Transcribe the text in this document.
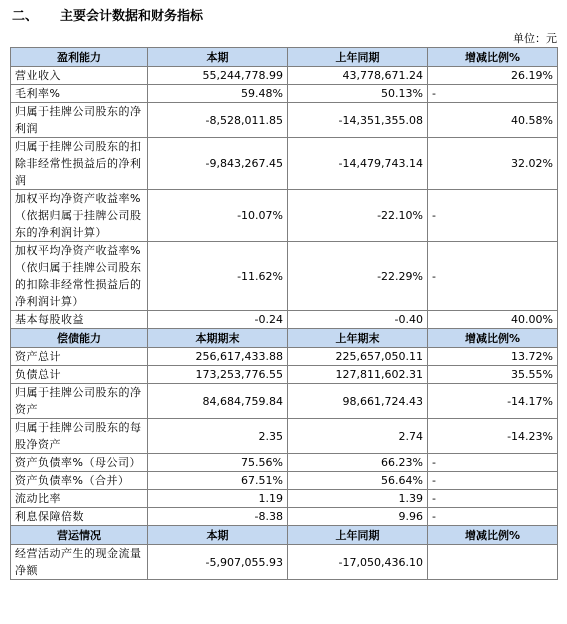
二、	主要会计数据和财务指标
单位：元
盈利能力	本期	上年同期	增减比例%
营业收入	55,244,778.99	43,778,671.24	26.19%
毛利率%	59.48%	50.13%	-
归属于挂牌公司股东的净利润	-8,528,011.85	-14,351,355.08	40.58%
归属于挂牌公司股东的扣除非经常性损益后的净利润	-9,843,267.45	-14,479,743.14	32.02%
加权平均净资产收益率%（依据归属于挂牌公司股东的净利润计算）	-10.07%	-22.10%	-
加权平均净资产收益率%（依归属于挂牌公司股东的扣除非经常性损益后的净利润计算）	-11.62%	-22.29%	-
基本每股收益	-0.24	-0.40	40.00%
偿债能力	本期期末	上年期末	增减比例%
资产总计	256,617,433.88	225,657,050.11	13.72%
负债总计	173,253,776.55	127,811,602.31	35.55%
归属于挂牌公司股东的净资产	84,684,759.84	98,661,724.43	-14.17%
归属于挂牌公司股东的每股净资产	2.35	2.74	-14.23%
资产负债率%（母公司）	75.56%	66.23%	-
资产负债率%（合并）	67.51%	56.64%	-
流动比率	1.19	1.39	-
利息保障倍数	-8.38	9.96	-
营运情况	本期	上年同期	增减比例%
经营活动产生的现金流量净额	-5,907,055.93	-17,050,436.10	
